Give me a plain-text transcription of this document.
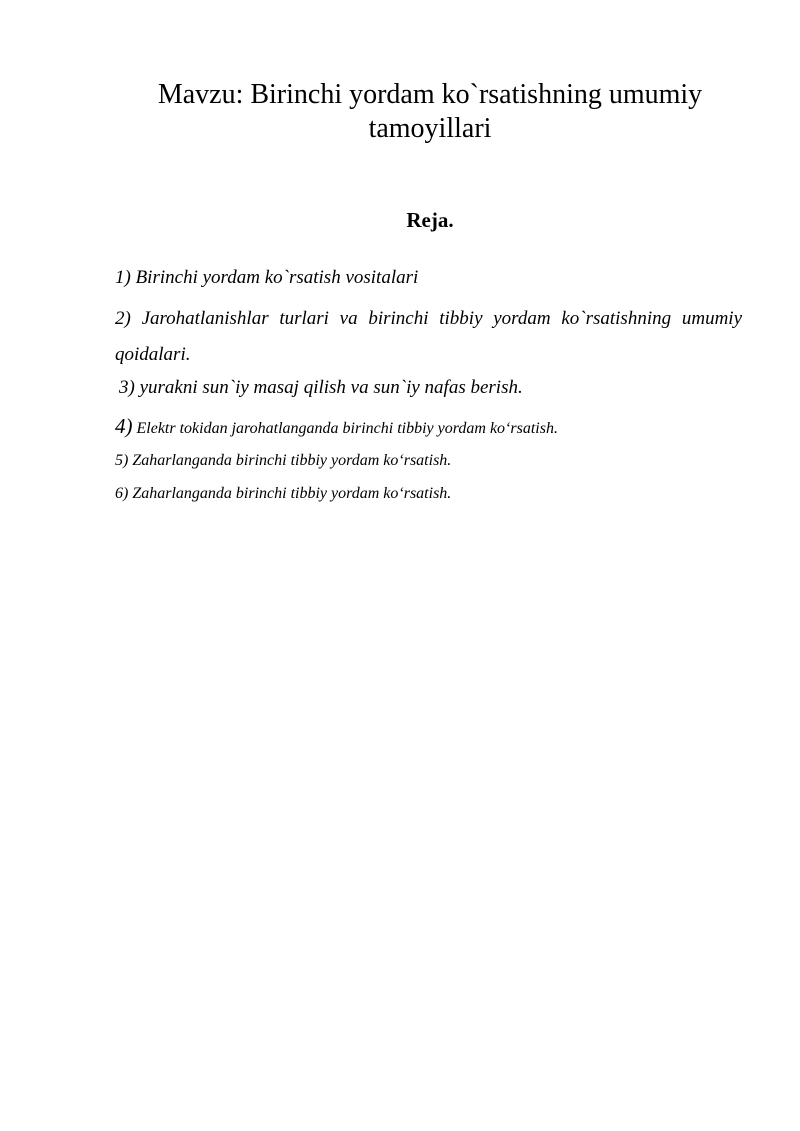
Mavzu: Birinchi yordam ko`rsatishning umumiy tamoyillari
Reja.
1) Birinchi yordam ko`rsatish vositalari
2) Jarohatlanishlar turlari va birinchi tibbiy yordam ko`rsatishning umumiy qoidalari.
3) yurakni sun`iy masaj qilish va sun`iy nafas berish.
4) Elektr tokidan jarohatlanganda birinchi tibbiy yordam ko‘rsatish.
5) Zaharlanganda birinchi tibbiy yordam ko‘rsatish.
6) Zaharlanganda birinchi tibbiy yordam ko‘rsatish.
